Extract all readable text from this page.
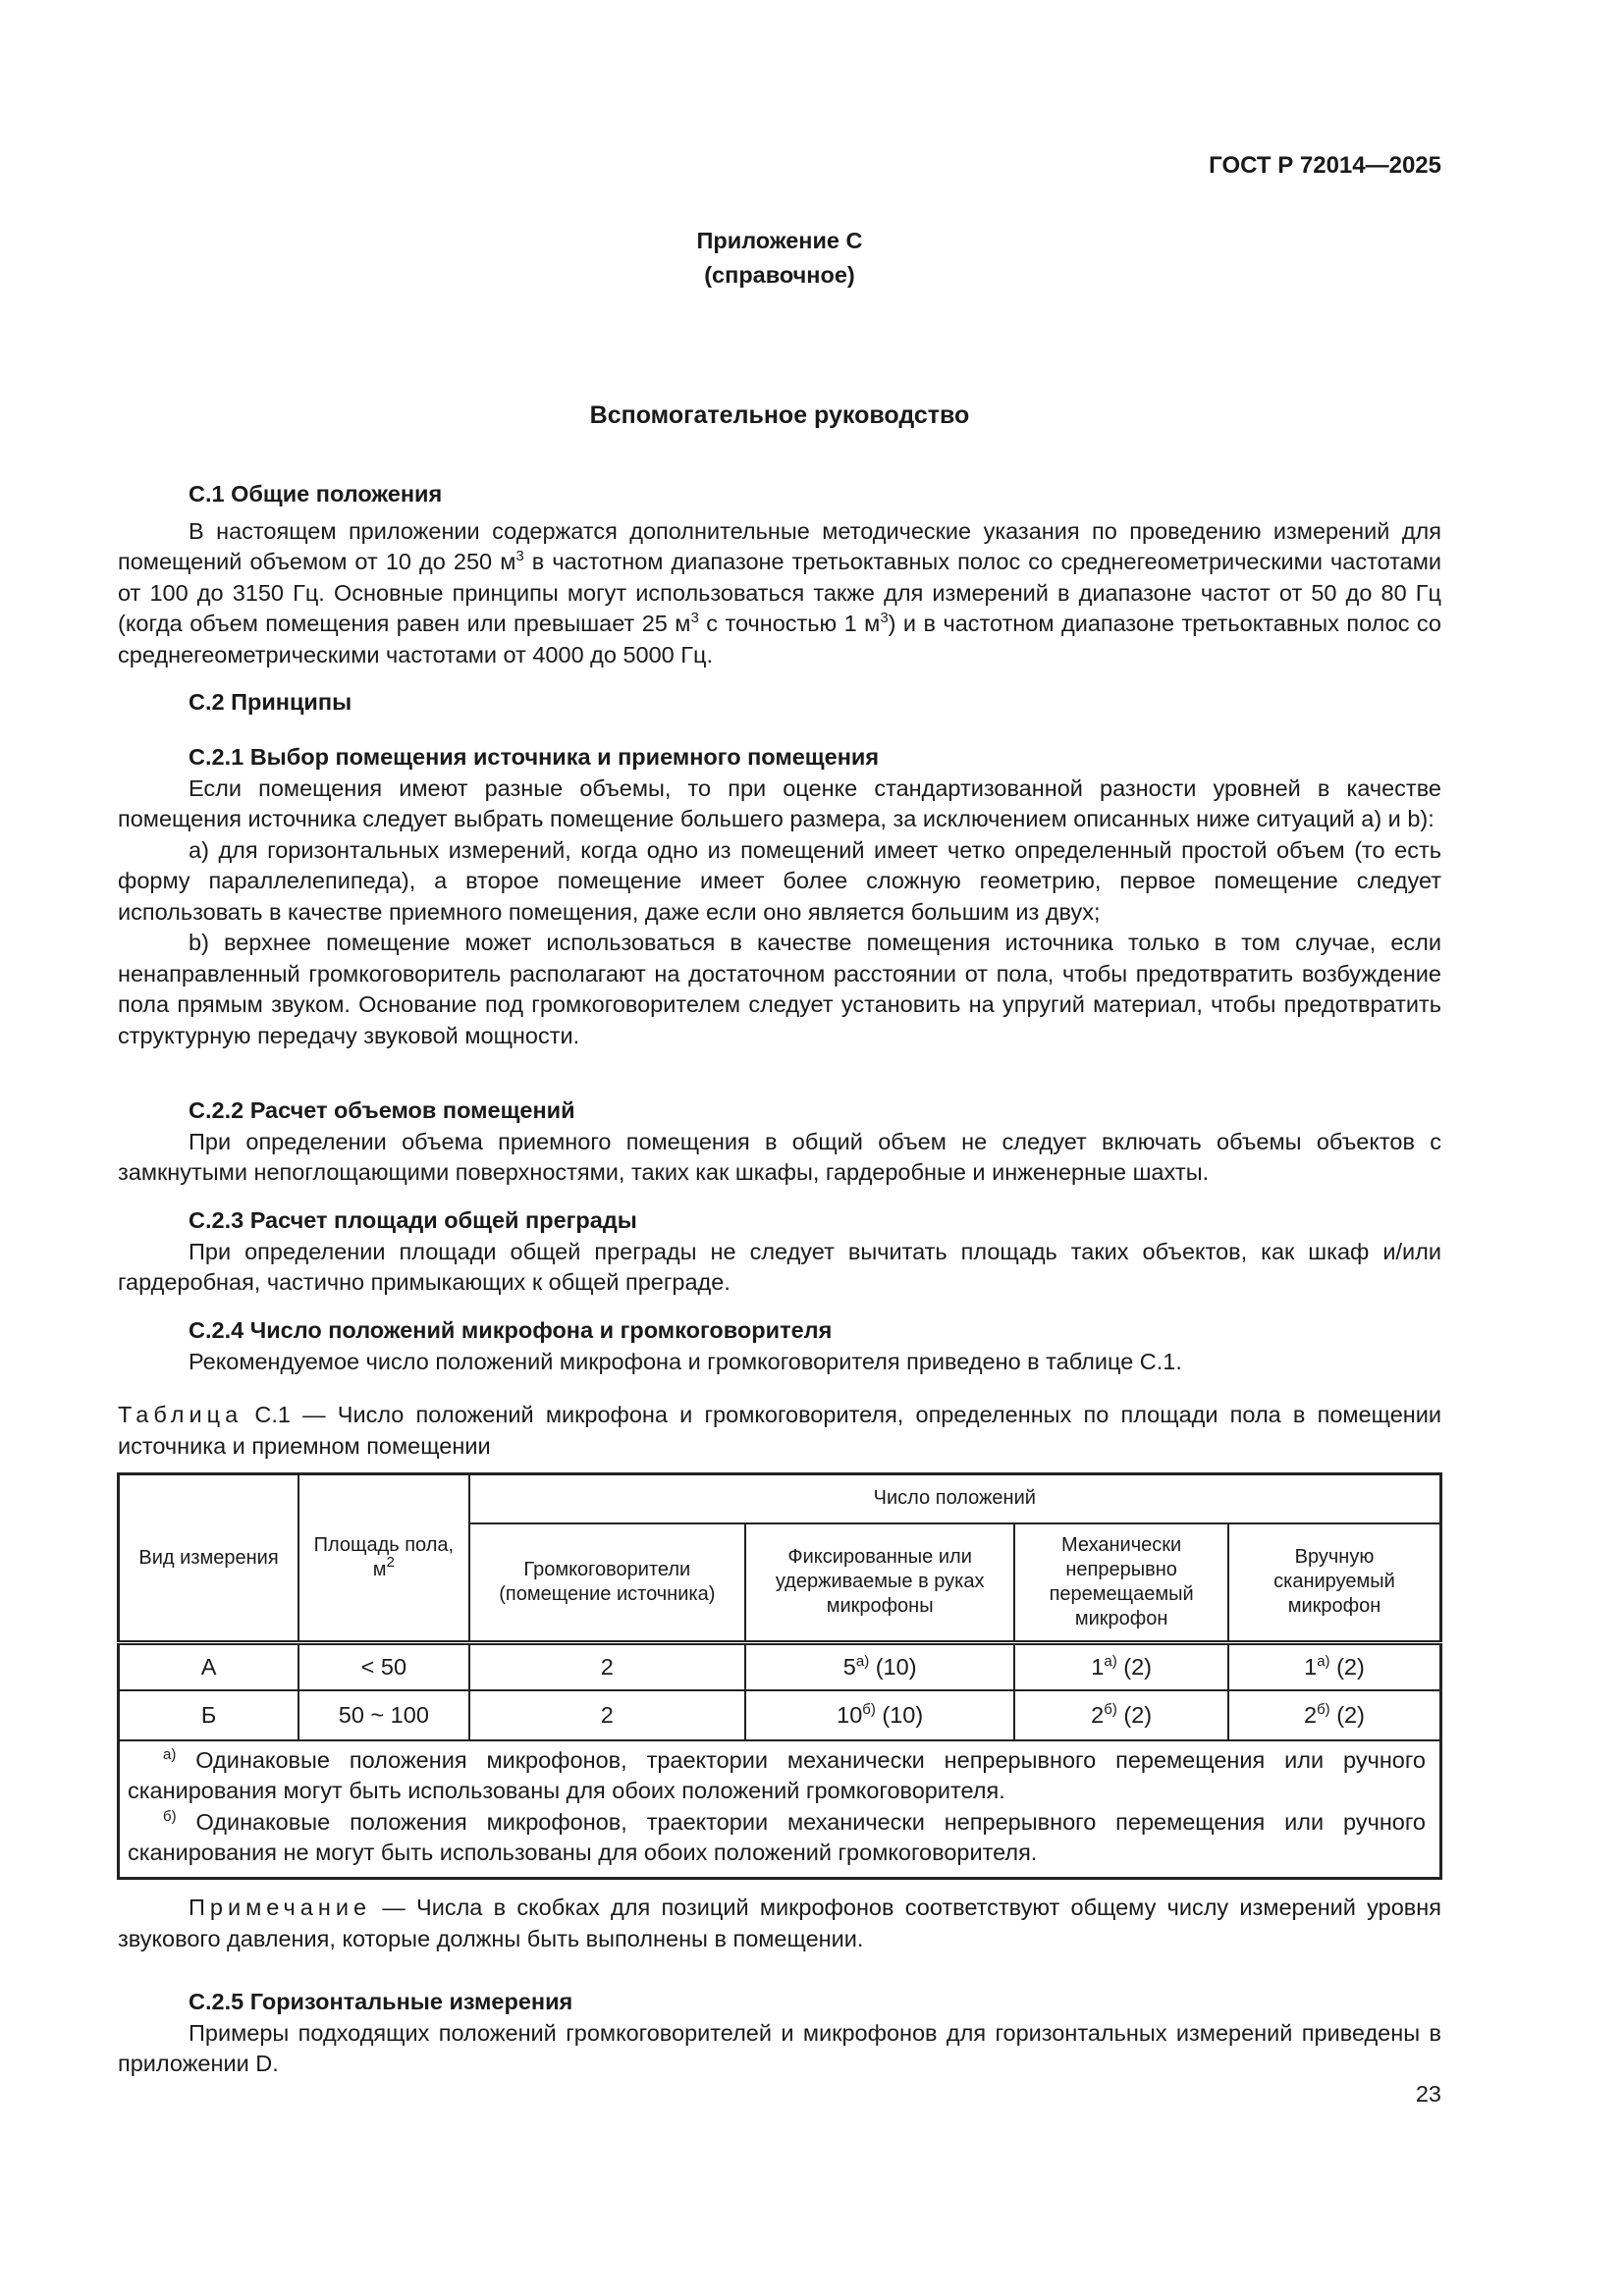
ГОСТ Р 72014—2025
Приложение С
(справочное)
Вспомогательное руководство

С.1 Общие положения

В настоящем приложении содержатся дополнительные методические указания по проведению измерений для помещений объемом от 10 до 250 $м^3$ в частотном диапазоне третьоктавных полос со среднегеометрическими частотами от 100 до 3150 Гц. Основные принципы могут использоваться также для измерений в диапазоне частот от 50 до 80 Гц (когда объем помещения равен или превышает 25 $м^3$ с точностью 1 $м^3$) и в частотном диапазоне третьоктавных полос со среднегеометрическими частотами от 4000 до 5000 Гц.

С.2 Принципы

С.2.1 Выбор помещения источника и приемного помещения

Если помещения имеют разные объемы, то при оценке стандартизованной разности уровней в качестве помещения источника следует выбрать помещение большего размера, за исключением описанных ниже ситуаций а) и b):

а) для горизонтальных измерений, когда одно из помещений имеет четко определенный простой объем (то есть форму параллелепипеда), а второе помещение имеет более сложную геометрию, первое помещение следует использовать в качестве приемного помещения, даже если оно является большим из двух;

b) верхнее помещение может использоваться в качестве помещения источника только в том случае, если ненаправленный громкоговоритель располагают на достаточном расстоянии от пола, чтобы предотвратить возбуждение пола прямым звуком. Основание под громкоговорителем следует установить на упругий материал, чтобы предотвратить структурную передачу звуковой мощности.

С.2.2 Расчет объемов помещений

При определении объема приемного помещения в общий объем не следует включать объемы объектов с замкнутыми непоглощающими поверхностями, таких как шкафы, гардеробные и инженерные шахты.

С.2.3 Расчет площади общей преграды

При определении площади общей преграды не следует вычитать площадь таких объектов, как шкаф и/или гардеробная, частично примыкающих к общей преграде.

С.2.4 Число положений микрофона и громкоговорителя

Рекомендуемое число положений микрофона и громкоговорителя приведено в таблице С.1.

Таблица С.1 — Число положений микрофона и громкоговорителя, определенных по площади пола в помещении источника и приемном помещении
Вид измерения	Площадь пола, $м^2$	Число положений			
		Громкоговорители (помещение источника)	Фиксированные или удерживаемые в руках микрофоны	Механически непрерывно перемещаемый микрофон	Вручную сканируемый микрофон
А	< 50	2	$5^{а)}$ (10)	$1^{а)}$ (2)	$1^{а)}$ (2)
Б	50 ~ 100	2	$10^{б)}$ (10)	$2^{б)}$ (2)	$2^{б)}$ (2)

$^{а)}$ Одинаковые положения микрофонов, траектории механически непрерывного перемещения или ручного сканирования могут быть использованы для обоих положений громкоговорителя.
$^{б)}$ Одинаковые положения микрофонов, траектории механически непрерывного перемещения или ручного сканирования не могут быть использованы для обоих положений громкоговорителя.					

Примечание — Числа в скобках для позиций микрофонов соответствуют общему числу измерений уровня звукового давления, которые должны быть выполнены в помещении.

С.2.5 Горизонтальные измерения

Примеры подходящих положений громкоговорителей и микрофонов для горизонтальных измерений приведены в приложении D.

23
